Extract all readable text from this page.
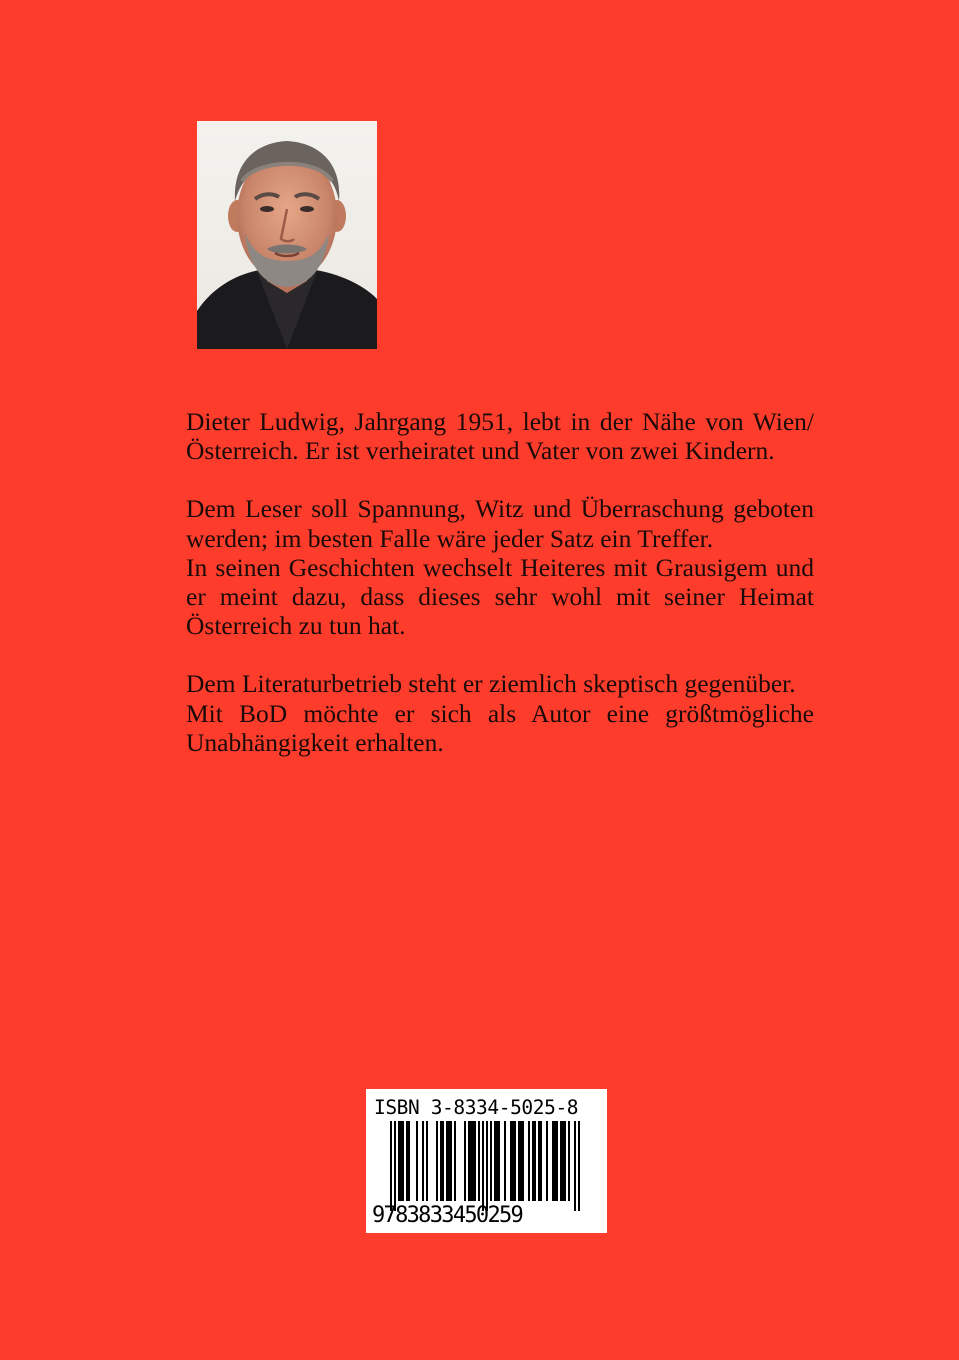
Dieter Ludwig, Jahrgang 1951, lebt in der Nähe von Wien/Österreich. Er ist verheiratet und Vater von zwei Kindern.

Dem Leser soll Spannung, Witz und Überraschung geboten werden; im besten Falle wäre jeder Satz ein Treffer.

In seinen Geschichten wechselt Heiteres mit Grausigem und er meint dazu, dass dieses sehr wohl mit seiner Heimat Österreich zu tun hat.

Dem Literaturbetrieb steht er ziemlich skeptisch gegenüber.

Mit BoD möchte er sich als Autor eine größtmögliche Unabhängigkeit erhalten.

ISBN 3-8334-5025-8
9783833450259
